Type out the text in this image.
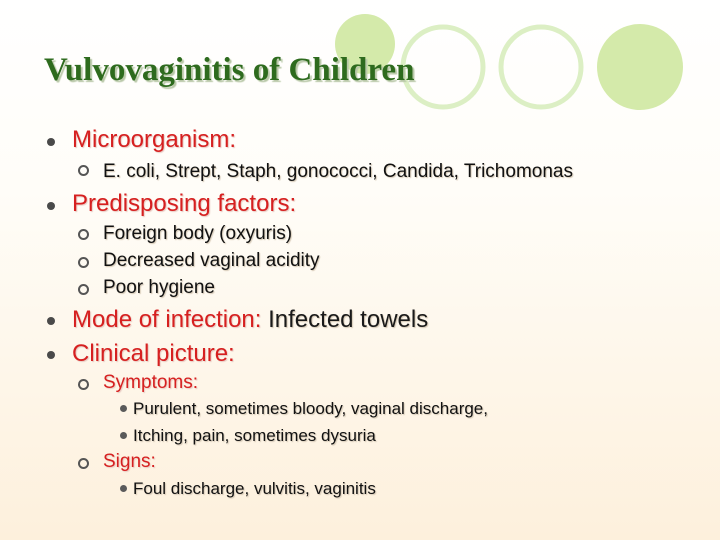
Vulvovaginitis of Children
Microorganism:
E. coli, Strept, Staph, gonococci, Candida, Trichomonas
Predisposing factors:
Foreign body (oxyuris)
Decreased vaginal acidity
Poor hygiene
Mode of infection: Infected towels
Clinical picture:
Symptoms:
Purulent, sometimes bloody, vaginal discharge,
Itching, pain, sometimes dysuria
Signs:
Foul discharge, vulvitis, vaginitis
